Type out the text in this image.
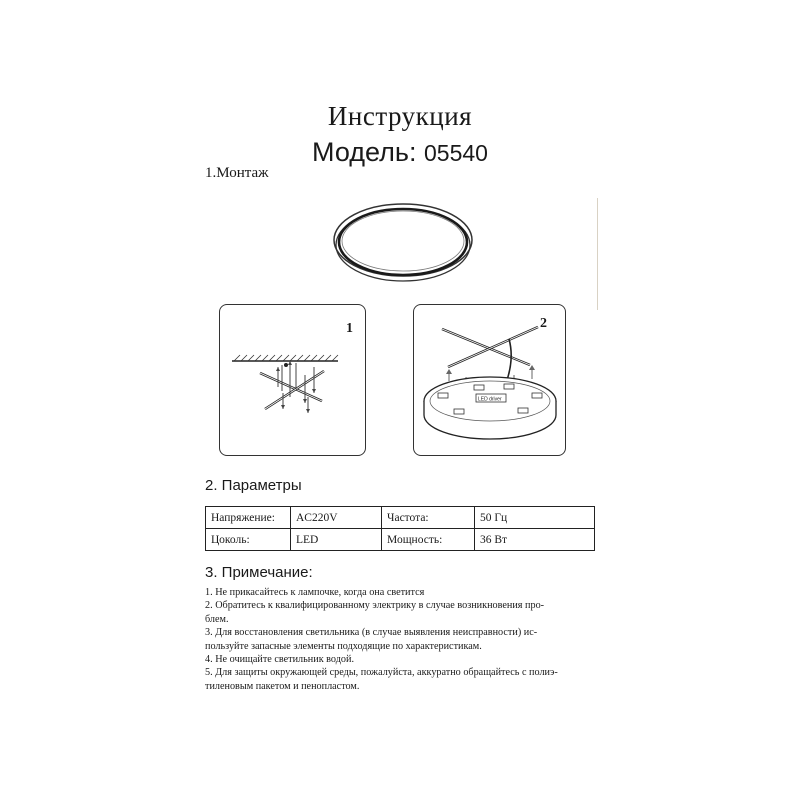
Инструкция
Модель: 05540
1.Монтаж
1	2
LED driver
2. Параметры
Напряжение:	AC220V	Частота:	50 Гц
Цоколь:	LED	Мощность:	36 Вт
3. Примечание:
1. Не прикасайтесь к лампочке, когда она светится
2. Обратитесь к квалифицированному электрику в случае возникновения про-
блем.
3. Для восстановления светильника (в случае выявления неисправности) ис-
пользуйте запасные элементы подходящие по характеристикам.
4. Не очищайте светильник водой.
5. Для защиты окружающей среды, пожалуйста, аккуратно обращайтесь с полиэ-
тиленовым пакетом и пенопластом.
